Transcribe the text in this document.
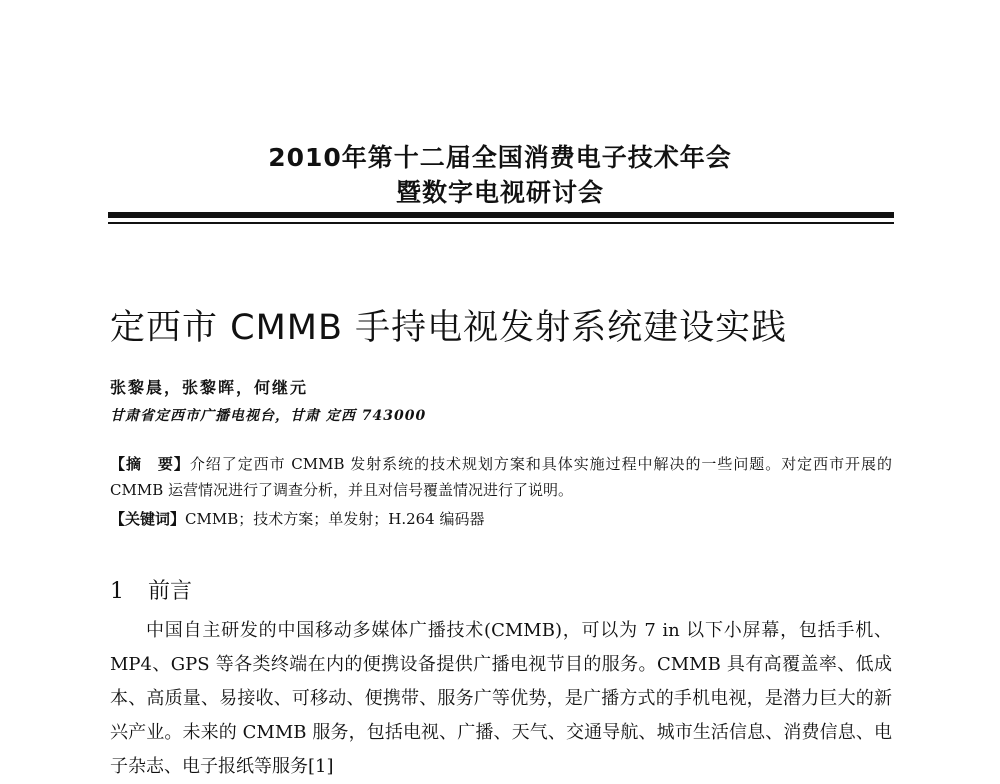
2010年第十二届全国消费电子技术年会
暨数字电视研讨会
定西市 CMMB 手持电视发射系统建设实践
张黎晨，张黎晖，何继元
甘肃省定西市广播电视台，甘肃 定西 743000
【摘　要】介绍了定西市 CMMB 发射系统的技术规划方案和具体实施过程中解决的一些问题。对定西市开展的 CMMB 运营情况进行了调查分析，并且对信号覆盖情况进行了说明。
【关键词】CMMB；技术方案；单发射；H.264 编码器
1 前言
中国自主研发的中国移动多媒体广播技术(CMMB)，可以为 7 in 以下小屏幕，包括手机、MP4、GPS 等各类终端在内的便携设备提供广播电视节目的服务。CMMB 具有高覆盖率、低成本、高质量、易接收、可移动、便携带、服务广等优势，是广播方式的手机电视，是潜力巨大的新兴产业。未来的 CMMB 服务，包括电视、广播、天气、交通导航、城市生活信息、消费信息、电子杂志、电子报纸等服务[1]
